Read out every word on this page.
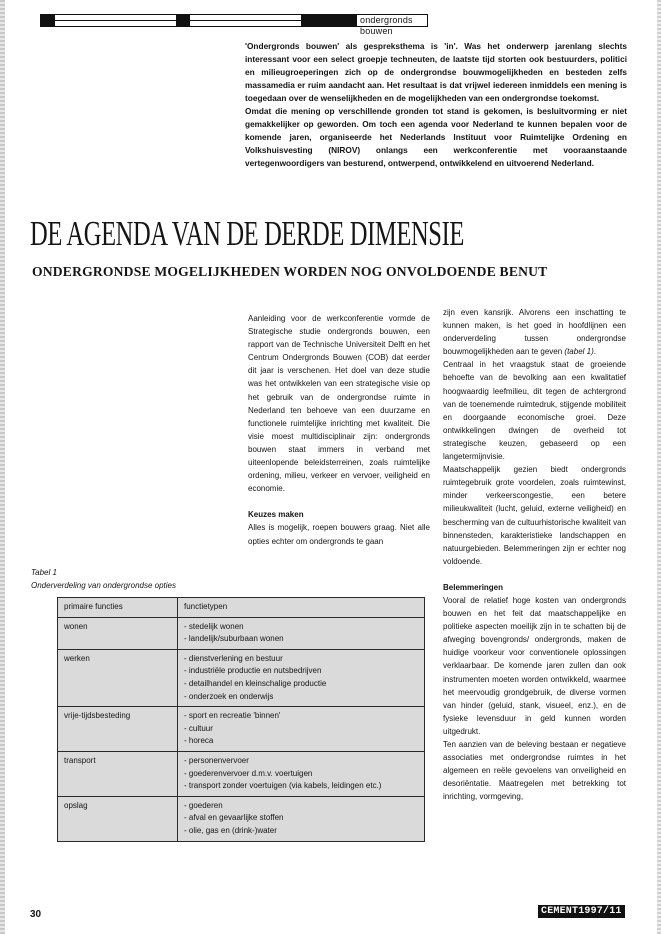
ondergronds bouwen

'Ondergronds bouwen' als gespreksthema is 'in'. Was het onderwerp jarenlang slechts interessant voor een select groepje techneuten, de laatste tijd storten ook bestuurders, politici en milieugroeperingen zich op de ondergrondse bouwmogelijkheden en besteden zelfs massamedia er ruim aandacht aan. Het resultaat is dat vrijwel iedereen inmiddels een mening is toegedaan over de wenselijkheden en de mogelijkheden van een ondergrondse toekomst.

Omdat die mening op verschillende gronden tot stand is gekomen, is besluitvorming er niet gemakkelijker op geworden. Om toch een agenda voor Nederland te kunnen bepalen voor de komende jaren, organiseerde het Nederlands Instituut voor Ruimtelijke Ordening en Volkshuisvesting (NIROV) onlangs een werkconferentie met vooraanstaande vertegenwoordigers van besturend, ontwerpend, ontwikkelend en uitvoerend Nederland.

DE AGENDA VAN DE DERDE DIMENSIE
ONDERGRONDSE MOGELIJKHEDEN WORDEN NOG ONVOLDOENDE BENUT

Aanleiding voor de werkconferentie vormde de Strategische studie ondergronds bouwen, een rapport van de Technische Universiteit Delft en het Centrum Ondergronds Bouwen (COB) dat eerder dit jaar is verschenen. Het doel van deze studie was het ontwikkelen van een strategische visie op het gebruik van de ondergrondse ruimte in Nederland ten behoeve van een duurzame en functionele ruimtelijke inrichting met kwaliteit. Die visie moest multidisciplinair zijn: ondergronds bouwen staat immers in verband met uiteenlopende beleidsterreinen, zoals ruimtelijke ordening, milieu, verkeer en vervoer, veiligheid en economie.

Keuzes maken

Alles is mogelijk, roepen bouwers graag. Niet alle opties echter om ondergronds te gaan

zijn even kansrijk. Alvorens een inschatting te kunnen maken, is het goed in hoofdlijnen een onderverdeling tussen ondergrondse bouwmogelijkheden aan te geven (tabel 1).

Centraal in het vraagstuk staat de groeiende behoefte van de bevolking aan een kwalitatief hoogwaardig leefmilieu, dit tegen de achtergrond van de toenemende ruimtedruk, stijgende mobiliteit en doorgaande economische groei. Deze ontwikkelingen dwingen de overheid tot strategische keuzen, gebaseerd op een langetermijnvisie.

Maatschappelijk gezien biedt ondergronds ruimtegebruik grote voordelen, zoals ruimtewinst, minder verkeerscongestie, een betere milieukwaliteit (lucht, geluid, externe veiligheid) en bescherming van de cultuurhistorische kwaliteit van binnensteden, karakteristieke landschappen en natuurgebieden. Belemmeringen zijn er echter nog voldoende.

Belemmeringen

Vooral de relatief hoge kosten van ondergronds bouwen en het feit dat maatschappelijke en politieke aspecten moeilijk zijn in te schatten bij de afweging bovengronds/ ondergronds, maken de huidige voorkeur voor conventionele oplossingen verklaarbaar. De komende jaren zullen dan ook instrumenten moeten worden ontwikkeld, waarmee het meervoudig grondgebruik, de diverse vormen van hinder (geluid, stank, visueel, enz.), en de fysieke levensduur in geld kunnen worden uitgedrukt.

Ten aanzien van de beleving bestaan er negatieve associaties met ondergrondse ruimtes in het algemeen en reële gevoelens van onveiligheid en desoriëntatie. Maatregelen met betrekking tot inrichting, vormgeving,

Tabel 1
Onderverdeling van ondergrondse opties
primaire functies	functietypen
wonen	- stedelijk wonen
- landelijk/suburbaan wonen

werken	- dienstverlening en bestuur
- industriële productie en nutsbedrijven
- detailhandel en kleinschalige productie
- onderzoek en onderwijs

vrije-tijdsbesteding	- sport en recreatie 'binnen'
- cultuur
- horeca

transport	- personenvervoer
- goederenvervoer d.m.v. voertuigen
- transport zonder voertuigen (via kabels, leidingen etc.)

opslag	- goederen
- afval en gevaarlijke stoffen
- olie, gas en (drink-)water
30	CEMENT1997/11
